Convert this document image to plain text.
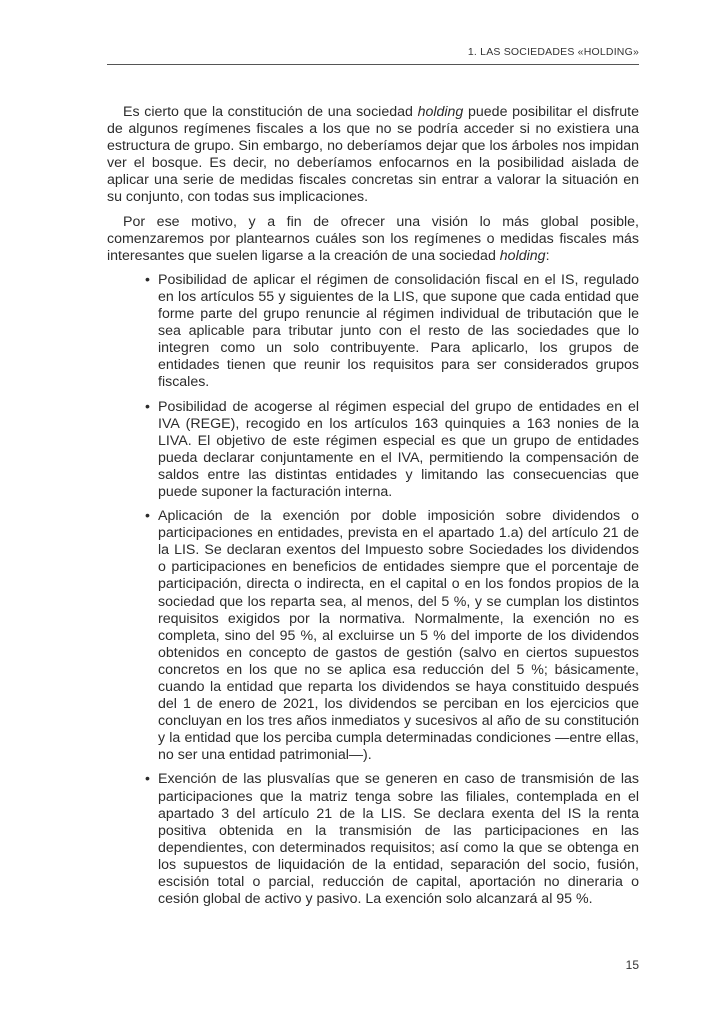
1. LAS SOCIEDADES «HOLDING»

Es cierto que la constitución de una sociedad holding puede posibilitar el disfrute de algunos regímenes fiscales a los que no se podría acceder si no existiera una estructura de grupo. Sin embargo, no deberíamos dejar que los árboles nos impidan ver el bosque. Es decir, no deberíamos enfocarnos en la posibilidad aislada de aplicar una serie de medidas fiscales concretas sin entrar a valorar la situación en su conjunto, con todas sus implicaciones.

Por ese motivo, y a fin de ofrecer una visión lo más global posible, comenzaremos por plantearnos cuáles son los regímenes o medidas fiscales más interesantes que suelen ligarse a la creación de una sociedad holding:

• Posibilidad de aplicar el régimen de consolidación fiscal en el IS, regulado en los artículos 55 y siguientes de la LIS, que supone que cada entidad que forme parte del grupo renuncie al régimen individual de tributación que le sea aplicable para tributar junto con el resto de las sociedades que lo integren como un solo contribuyente. Para aplicarlo, los grupos de entidades tienen que reunir los requisitos para ser considerados grupos fiscales.
• Posibilidad de acogerse al régimen especial del grupo de entidades en el IVA (REGE), recogido en los artículos 163 quinquies a 163 nonies de la LIVA. El objetivo de este régimen especial es que un grupo de entidades pueda declarar conjuntamente en el IVA, permitiendo la compensación de saldos entre las distintas entidades y limitando las consecuencias que puede suponer la facturación interna.
• Aplicación de la exención por doble imposición sobre dividendos o participaciones en entidades, prevista en el apartado 1.a) del artículo 21 de la LIS. Se declaran exentos del Impuesto sobre Sociedades los dividendos o participaciones en beneficios de entidades siempre que el porcentaje de participación, directa o indirecta, en el capital o en los fondos propios de la sociedad que los reparta sea, al menos, del 5 %, y se cumplan los distintos requisitos exigidos por la normativa. Normalmente, la exención no es completa, sino del 95 %, al excluirse un 5 % del importe de los dividendos obtenidos en concepto de gastos de gestión (salvo en ciertos supuestos concretos en los que no se aplica esa reducción del 5 %; básicamente, cuando la entidad que reparta los dividendos se haya constituido después del 1 de enero de 2021, los dividendos se perciban en los ejercicios que concluyan en los tres años inmediatos y sucesivos al año de su constitución y la entidad que los perciba cumpla determinadas condiciones —entre ellas, no ser una entidad patrimonial—).
• Exención de las plusvalías que se generen en caso de transmisión de las participaciones que la matriz tenga sobre las filiales, contemplada en el apartado 3 del artículo 21 de la LIS. Se declara exenta del IS la renta positiva obtenida en la transmisión de las participaciones en las dependientes, con determinados requisitos; así como la que se obtenga en los supuestos de liquidación de la entidad, separación del socio, fusión, escisión total o parcial, reducción de capital, aportación no dineraria o cesión global de activo y pasivo. La exención solo alcanzará al 95 %.
15
